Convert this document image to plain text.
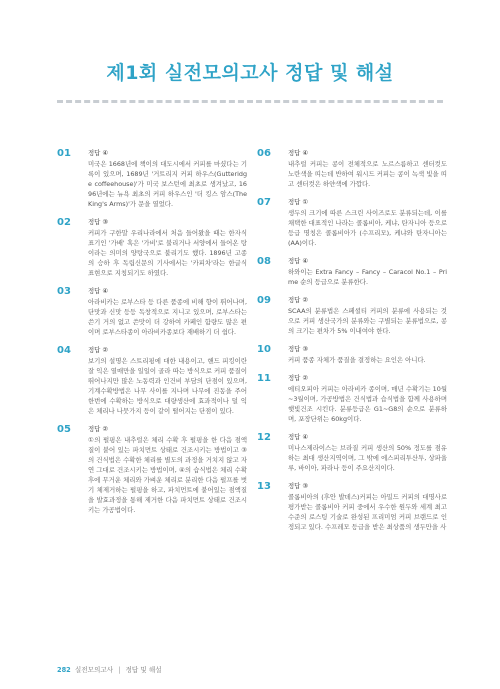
제1회 실전모의고사 정답 및 해설
01	정답 ④
미국은 1668년에 책이의 대도시에서 커피를 마셨다는 기록이 있으며, 1689년 '거트리지 커피 하우스(Gutteridge coffeehouse)'가 미국 보스턴에 최초로 생겨났고, 1696년에는 뉴욕 최초의 커피 하우스인 '더 킹스 암스(The King's Arms)'가 문을 열었다.
02	정답 ③
커피가 구한말 우리나라에서 처음 들어왔을 때는 한자식 표기인 '가배' 혹은 '가비'로 불리거나 서양에서 들어온 탕이라는 의미의 양탕국으로 불리기도 했다. 1896년 고종의 승하 후 독립신문의 기사에서는 '카피차'라는 한글식 표현으로 지칭되기도 하였다.
03	정답 ④
아라비카는 로부스타 등 다른 품종에 비해 향이 뛰어나며, 단맛과 신맛 등등 독창적으로 지니고 있으며, 로부스타는 쓴기 거의 없고 쓴맛이 더 강하여 카페인 함량도 많은 편이며 로부스타종이 아라비카종보다 재배하기 더 쉽다.
04	정답 ②
보기의 설명은 스트리핑에 대한 내용이고, 핸드 피킹이란 잘 익은 열매만을 일일이 골라 따는 방식으로 커피 품질이 뛰어나지만 많은 노동력과 인건비 부담의 단점이 있으며, 기계수확방법은 나무 사이를 지나며 나무에 진동을 주어 한번에 수확하는 방식으로 대량생산에 효과적이나 덜 익은 체리나 나뭇가지 등이 같이 떨어지는 단점이 있다.
05	정답 ②
①의 펄핑은 내추럴은 체리 수확 후 펄핑을 한 다음 점액질이 붙어 있는 파치먼트 상태로 건조시키는 방법이고 ③의 건식법은 수확한 체리를 별도의 과정을 거치지 않고 자연 그대로 건조시키는 방법이며, ④의 습식법은 체리 수확 후에 무거운 체리와 가벼운 체리로 분리한 다음 펄프를 벗기 체제거하는 펄핑을 하고, 파치먼트에 붙어있는 점액질을 발효과정을 통해 제거한 다음 파치먼트 상태로 건조시키는 가공법이다.
06	정답 ④
내추럴 커피는 콩이 전체적으로 노르스름하고 센터컷도 노란색을 띠는데 반하여 워시드 커피는 콩이 녹색 빛을 띠고 센터컷은 하얀색에 가깝다.
07	정답 ①
생두의 크기에 따른 스크린 사이즈로도 분류되는데, 이를 채택한 대표적인 나라는 콜롬비아, 케냐, 탄자니아 등으로 등급 명칭은 콜롬비아가 (수프리모), 케냐와 탄자니아는 (AA)이다.
08	정답 ④
하와이는 Extra Fancy – Fancy – Caracol No.1 – Prime 순의 등급으로 분류한다.
09	정답 ②
SCAA의 분류법은 스페셜티 커피의 분류에 사용되는 것으로 커피 생산국가의 분류와는 구별되는 분류법으로, 콩의 크기는 편차가 5% 이내여야 한다.
10	정답 ③
커피 품종 자체가 품질을 결정하는 요인은 아니다.
11	정답 ②
에티오피아 커피는 아라비카 종이며, 매년 수확기는 10월~3월이며, 가공방법은 건식법과 습식법을 함께 사용하며 햇빛건조 시킨다. 분류등급은 G1~G8의 순으로 분류하며, 포장단위는 60kg이다.
12	정답 ④
미나스제라이스는 브라질 커피 생산의 50% 정도를 점유하는 최대 생산지역이며, 그 밖에 에스피리투산투, 상파울루, 바이아, 파라나 등이 주요산지이다.
13	정답 ③
콜롬비아의 (후안 발데스)커피는 아밀드 커피의 대명사로 평가받는 콜롬비아 커피 중에서 우수한 원두와 세계 최고 수준의 로스팅 기술로 완성된 프리미엄 커피 브랜드로 인정되고 있다. 수프레모 등급을 받은 최상품의 생두만을 사
282 실전모의고사 | 정답 및 해설
